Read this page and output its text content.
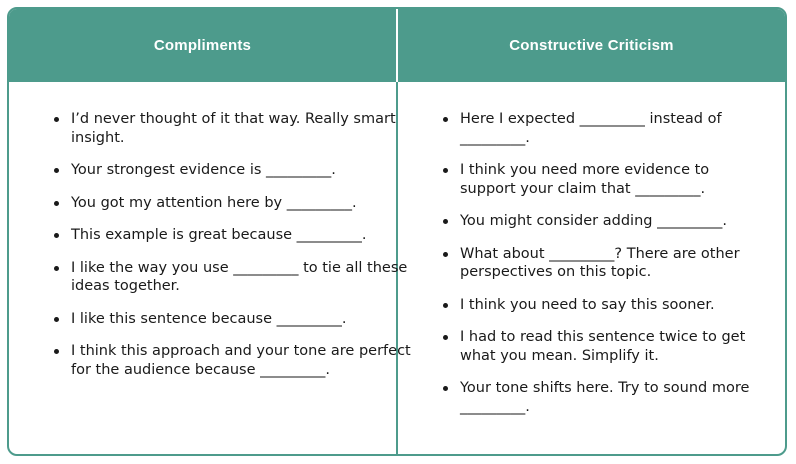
Compliments	Constructive Criticism
I’d never thought of it that way. Really smart insight.
Your strongest evidence is _________.
You got my attention here by _________.
This example is great because _________.
I like the way you use _________ to tie all these ideas together.
I like this sentence because _________.
I think this approach and your tone are perfect for the audience because _________.
Here I expected _________ instead of _________.
I think you need more evidence to support your claim that _________.
You might consider adding _________.
What about _________? There are other perspectives on this topic.
I think you need to say this sooner.
I had to read this sentence twice to get what you mean. Simplify it.
Your tone shifts here. Try to sound more _________.
